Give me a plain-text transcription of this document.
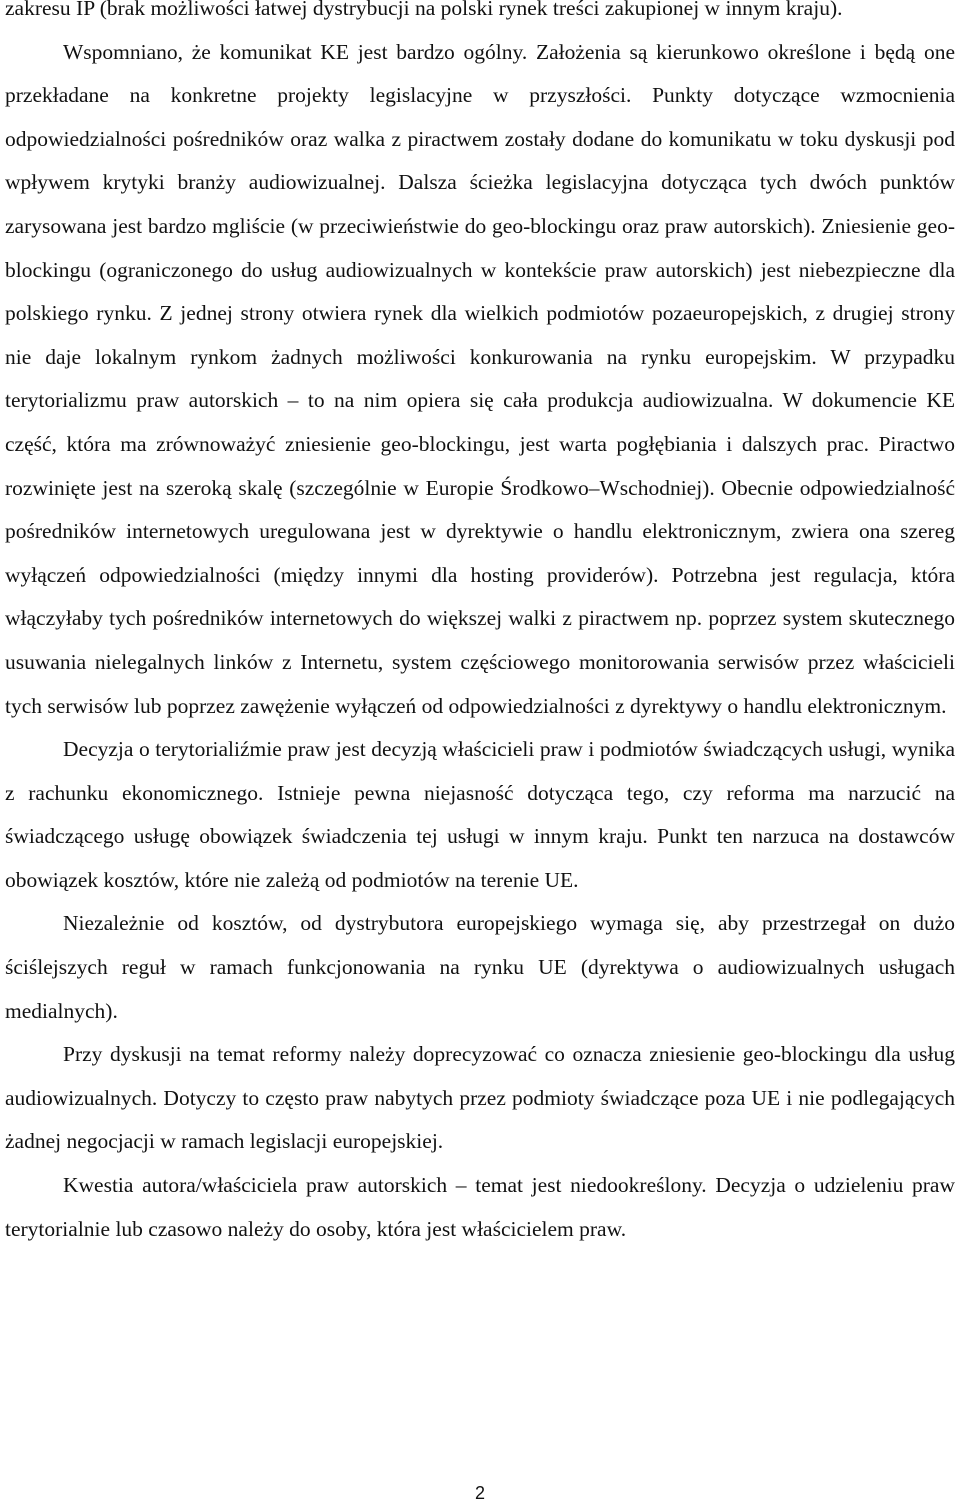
zakresu IP (brak możliwości łatwej dystrybucji na polski rynek treści zakupionej w innym kraju).

Wspomniano, że komunikat KE jest bardzo ogólny. Założenia są kierunkowo określone i będą one przekładane na konkretne projekty legislacyjne w przyszłości. Punkty dotyczące wzmocnienia odpowiedzialności pośredników oraz walka z piractwem zostały dodane do komunikatu w toku dyskusji pod wpływem krytyki branży audiowizualnej. Dalsza ścieżka legislacyjna dotycząca tych dwóch punktów zarysowana jest bardzo mgliście (w przeciwieństwie do geo-blockingu oraz praw autorskich). Zniesienie geo-blockingu (ograniczonego do usług audiowizualnych w kontekście praw autorskich) jest niebezpieczne dla polskiego rynku. Z jednej strony otwiera rynek dla wielkich podmiotów pozaeuropejskich, z drugiej strony nie daje lokalnym rynkom żadnych możliwości konkurowania na rynku europejskim. W przypadku terytorializmu praw autorskich – to na nim opiera się cała produkcja audiowizualna. W dokumencie KE część, która ma zrównoważyć zniesienie geo-blockingu, jest warta pogłębiania i dalszych prac. Piractwo rozwinięte jest na szeroką skalę (szczególnie w Europie Środkowo–Wschodniej). Obecnie odpowiedzialność pośredników internetowych uregulowana jest w dyrektywie o handlu elektronicznym, zwiera ona szereg wyłączeń odpowiedzialności (między innymi dla hosting providerów). Potrzebna jest regulacja, która włączyłaby tych pośredników internetowych do większej walki z piractwem np. poprzez system skutecznego usuwania nielegalnych linków z Internetu, system częściowego monitorowania serwisów przez właścicieli tych serwisów lub poprzez zawężenie wyłączeń od odpowiedzialności z dyrektywy o handlu elektronicznym.

Decyzja o terytorialiźmie praw jest decyzją właścicieli praw i podmiotów świadczących usługi, wynika z rachunku ekonomicznego. Istnieje pewna niejasność dotycząca tego, czy reforma ma narzucić na świadczącego usługę obowiązek świadczenia tej usługi w innym kraju. Punkt ten narzuca na dostawców obowiązek kosztów, które nie zależą od podmiotów na terenie UE.

Niezależnie od kosztów, od dystrybutora europejskiego wymaga się, aby przestrzegał on dużo ściślejszych reguł w ramach funkcjonowania na rynku UE (dyrektywa o audiowizualnych usługach medialnych).

Przy dyskusji na temat reformy należy doprecyzować co oznacza zniesienie geo-blockingu dla usług audiowizualnych. Dotyczy to często praw nabytych przez podmioty świadczące poza UE i nie podlegających żadnej negocjacji w ramach legislacji europejskiej.

Kwestia autora/właściciela praw autorskich – temat jest niedookreślony. Decyzja o udzieleniu praw terytorialnie lub czasowo należy do osoby, która jest właścicielem praw.

2
